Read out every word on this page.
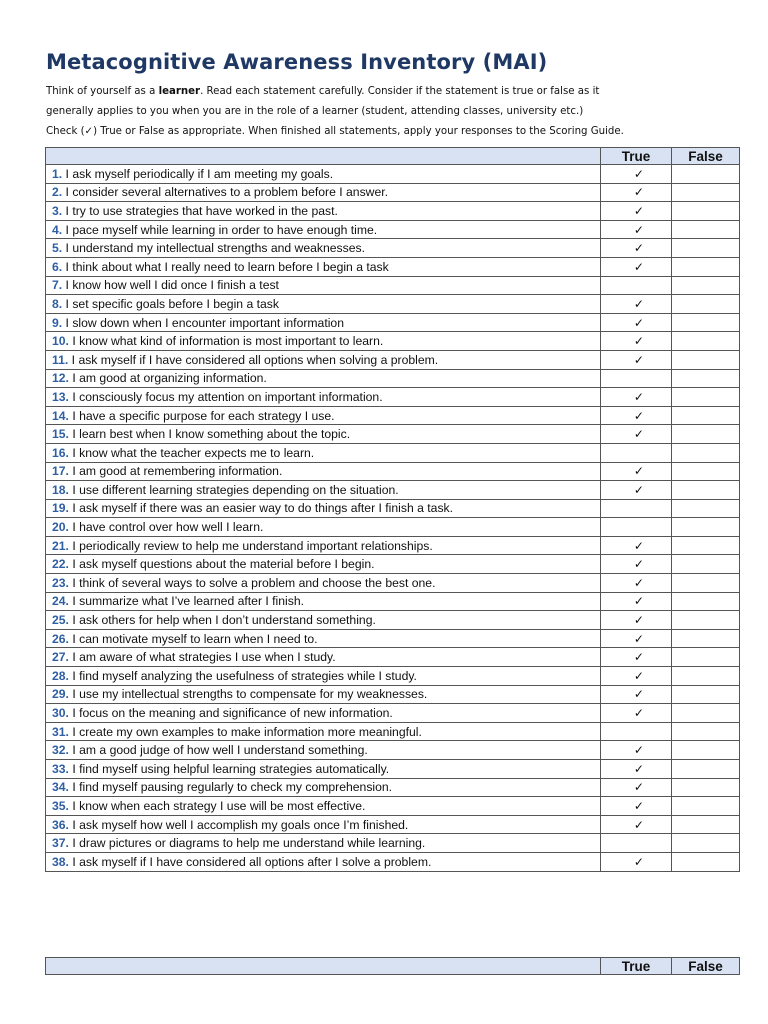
Metacognitive Awareness Inventory (MAI)

Think of yourself as a learner. Read each statement carefully. Consider if the statement is true or false as it

generally applies to you when you are in the role of a learner (student, attending classes, university etc.)

Check (✓) True or False as appropriate. When finished all statements, apply your responses to the Scoring Guide.

	True	False
1. I ask myself periodically if I am meeting my goals.	✓	
2. I consider several alternatives to a problem before I answer.	✓	
3. I try to use strategies that have worked in the past.	✓	
4. I pace myself while learning in order to have enough time.	✓	
5. I understand my intellectual strengths and weaknesses.	✓	
6. I think about what I really need to learn before I begin a task	✓	
7. I know how well I did once I finish a test		
8. I set specific goals before I begin a task	✓	
9. I slow down when I encounter important information	✓	
10. I know what kind of information is most important to learn.	✓	
11. I ask myself if I have considered all options when solving a problem.	✓	
12. I am good at organizing information.		
13. I consciously focus my attention on important information.	✓	
14. I have a specific purpose for each strategy I use.	✓	
15. I learn best when I know something about the topic.	✓	
16. I know what the teacher expects me to learn.		
17. I am good at remembering information.	✓	
18. I use different learning strategies depending on the situation.	✓	
19. I ask myself if there was an easier way to do things after I finish a task.		
20. I have control over how well I learn.		
21. I periodically review to help me understand important relationships.	✓	
22. I ask myself questions about the material before I begin.	✓	
23. I think of several ways to solve a problem and choose the best one.	✓	
24. I summarize what I’ve learned after I finish.	✓	
25. I ask others for help when I don’t understand something.	✓	
26. I can motivate myself to learn when I need to.	✓	
27. I am aware of what strategies I use when I study.	✓	
28. I find myself analyzing the usefulness of strategies while I study.	✓	
29. I use my intellectual strengths to compensate for my weaknesses.	✓	
30. I focus on the meaning and significance of new information.	✓	
31. I create my own examples to make information more meaningful.		
32. I am a good judge of how well I understand something.	✓	
33. I find myself using helpful learning strategies automatically.	✓	
34. I find myself pausing regularly to check my comprehension.	✓	
35. I know when each strategy I use will be most effective.	✓	
36. I ask myself how well I accomplish my goals once I’m finished.	✓	
37. I draw pictures or diagrams to help me understand while learning.		
38. I ask myself if I have considered all options after I solve a problem.	✓	
	True	False
